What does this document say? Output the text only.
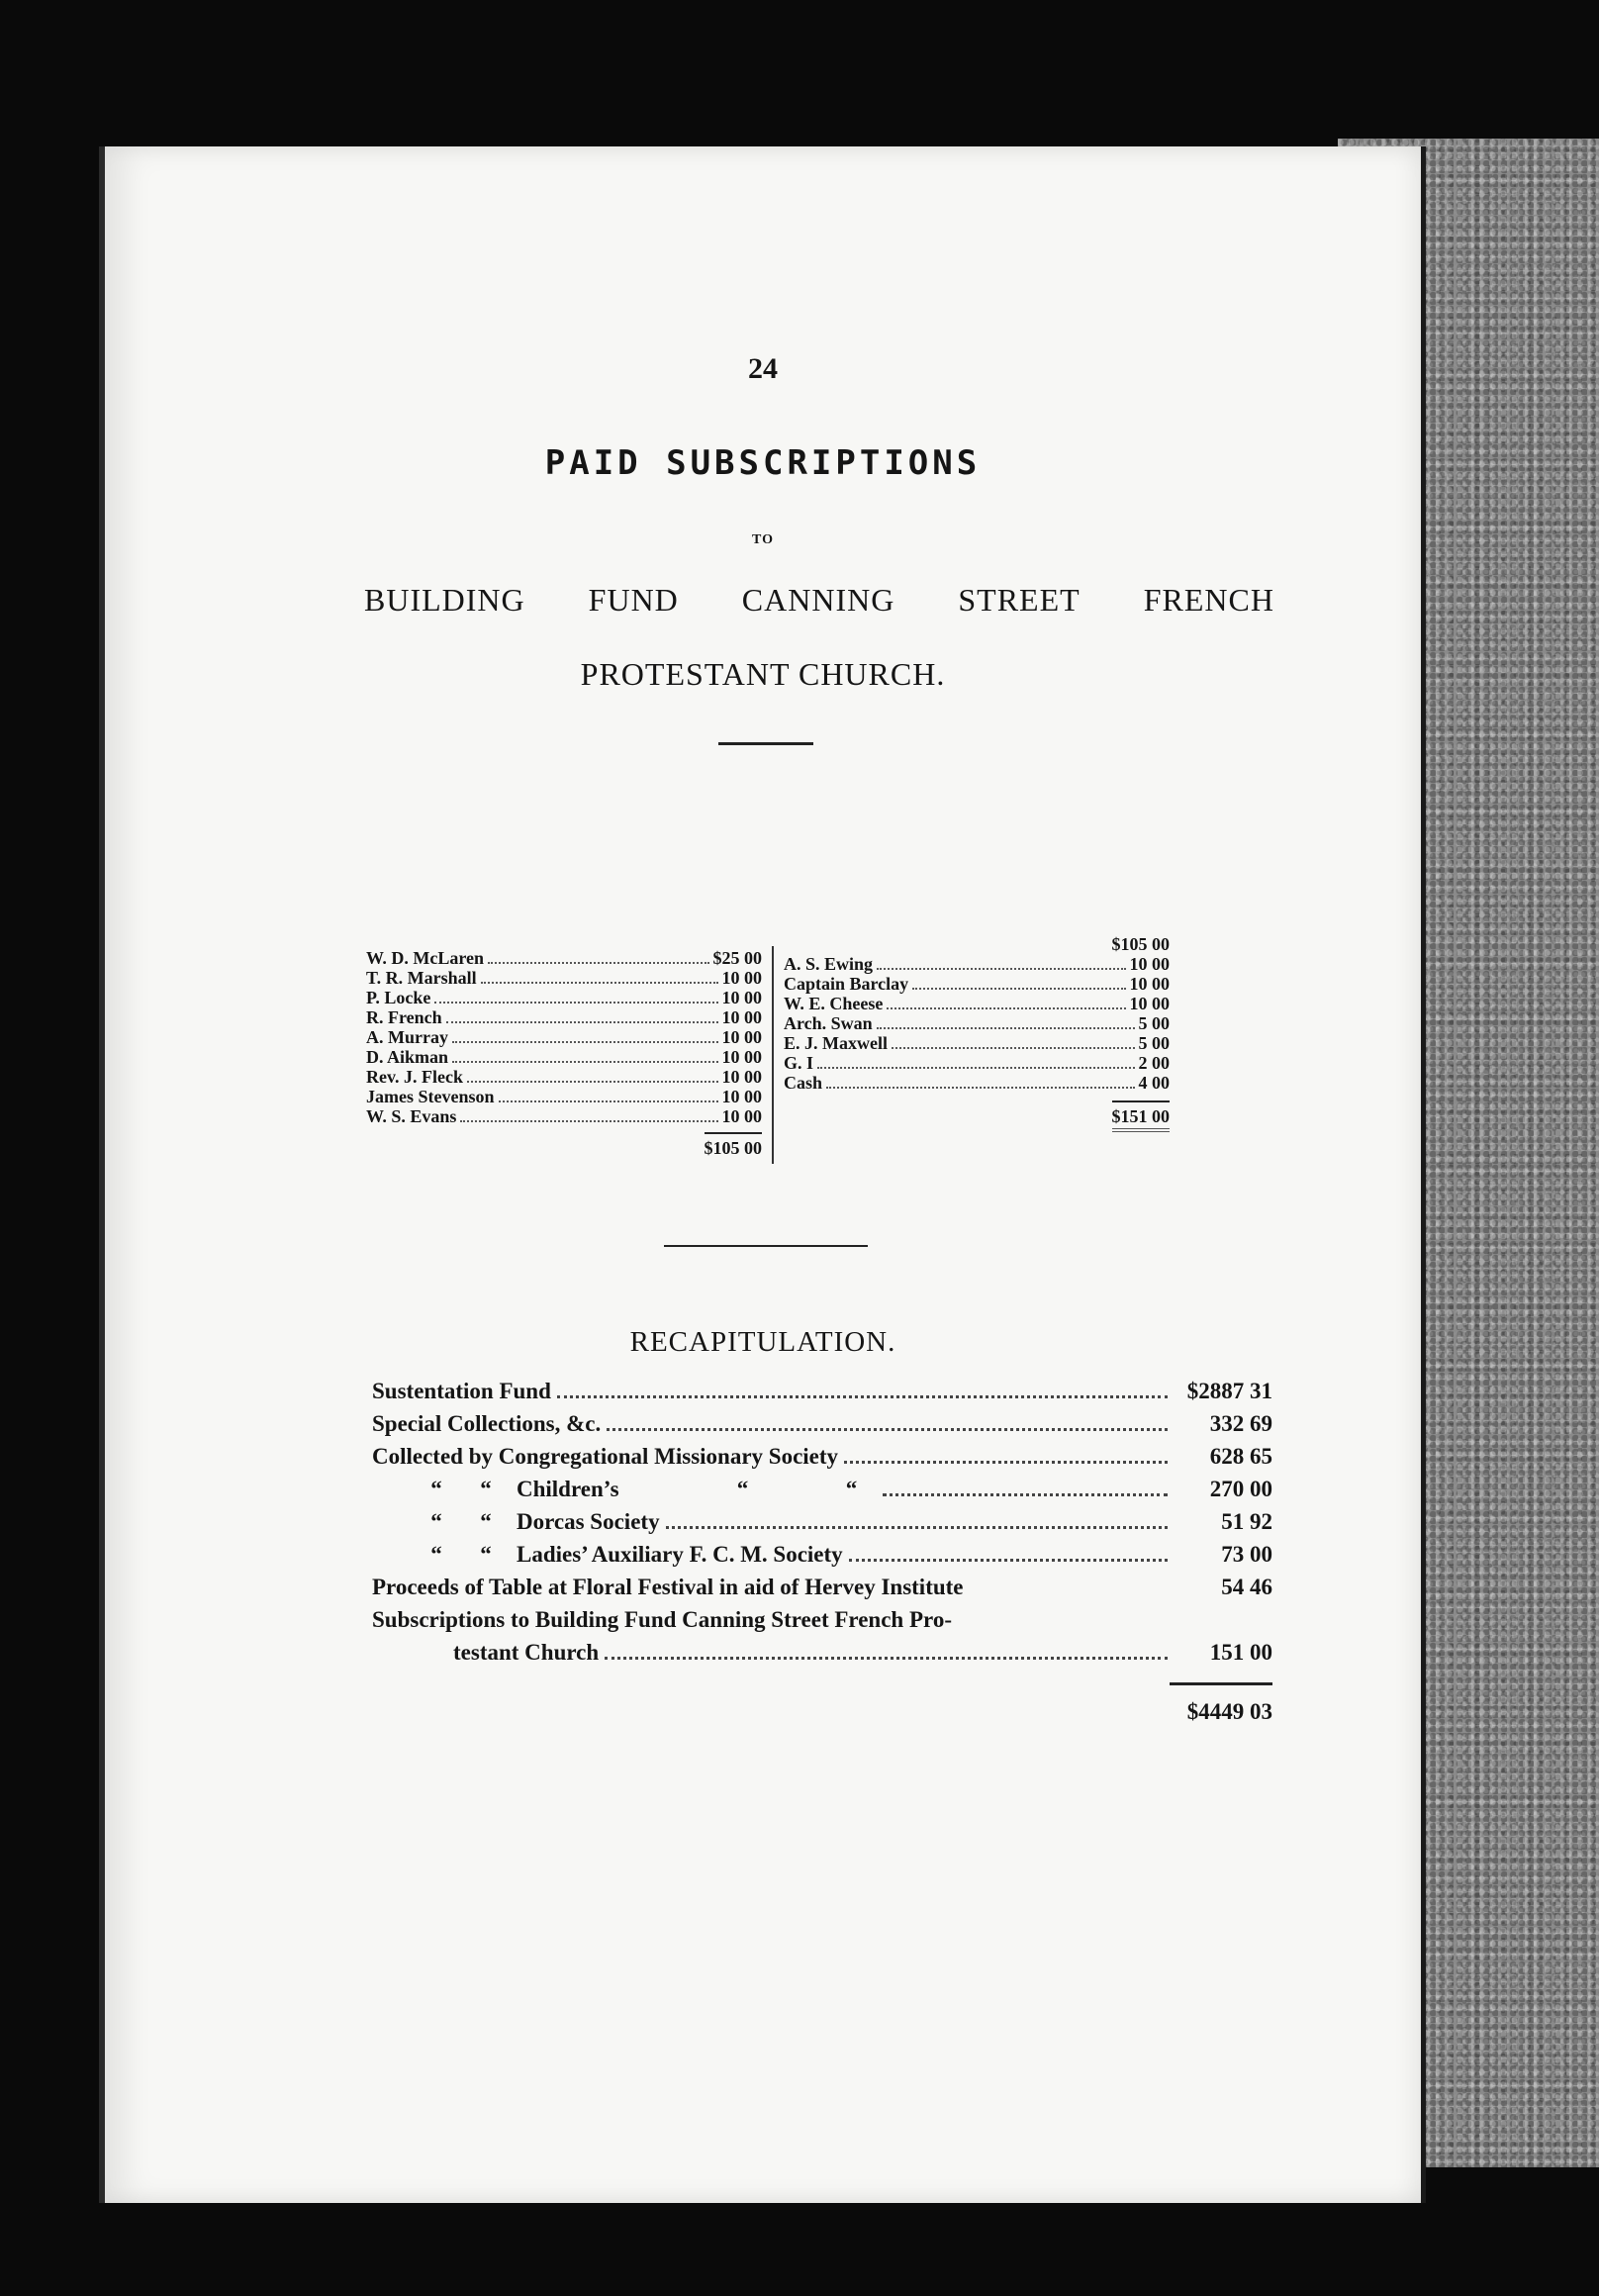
24
PAID SUBSCRIPTIONS
TO
BUILDING FUND CANNING STREET FRENCH
PROTESTANT CHURCH.
W. D. McLaren	$25 00
T. R. Marshall	10 00
P. Locke	10 00
R. French	10 00
A. Murray	10 00
D. Aikman	10 00
Rev. J. Fleck	10 00
James Stevenson	10 00
W. S. Evans	10 00
$105 00
$105 00
A. S. Ewing	10 00
Captain Barclay	10 00
W. E. Cheese	10 00
Arch. Swan	5 00
E. J. Maxwell	5 00
G. I	2 00
Cash	4 00
$151 00
RECAPITULATION.
Sustentation Fund	$2887 31
Special Collections, &c.	332 69
Collected by Congregational Missionary Society	628 65
“	“	Children’s	“	“	270 00
“	“	Dorcas Society	51 92
“	“	Ladies’ Auxiliary F. C. M. Society	73 00
Proceeds of Table at Floral Festival in aid of Hervey Institute	54 46
Subscriptions to Building Fund Canning Street French Pro-
testant Church	151 00
$4449 03
